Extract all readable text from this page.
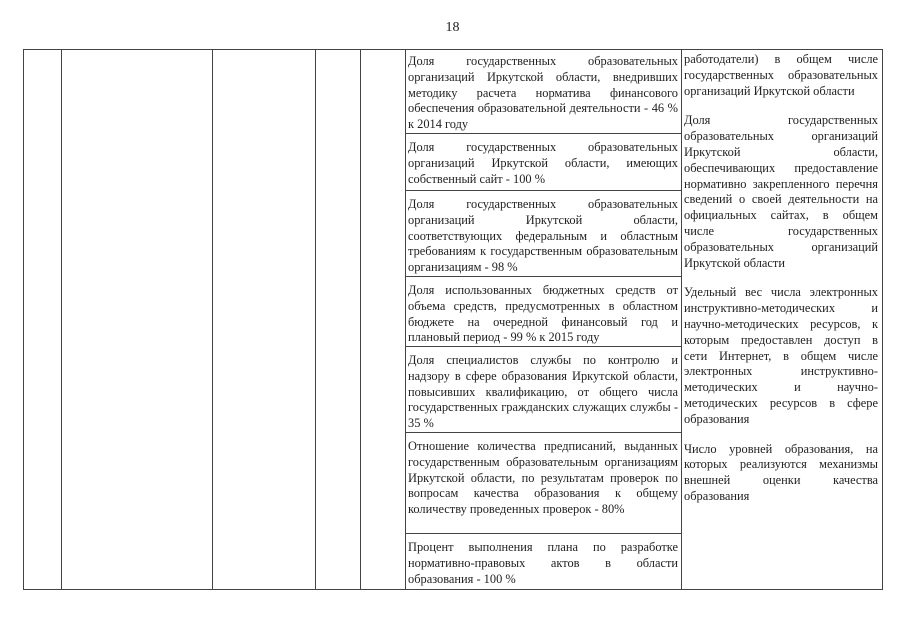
18
Доля государственных образовательных организаций Иркутской области, внедривших методику расчета норматива финансового обеспечения образовательной деятельности - 46 % к 2014 году
Доля государственных образовательных организаций Иркутской области, имеющих собственный сайт - 100 %
Доля государственных образовательных организаций Иркутской области, соответствующих федеральным и областным требованиям к государственным образовательным организациям - 98 %
Доля использованных бюджетных средств от объема средств, предусмотренных в областном бюджете на очередной финансовый год и плановый период - 99 % к 2015 году
Доля специалистов службы по контролю и надзору в сфере образования Иркутской области, повысивших квалификацию, от общего числа государственных гражданских служащих службы - 35 %
Отношение количества предписаний, выданных государственным образовательным организациям Иркутской области, по результатам проверок по вопросам качества образования к общему количеству проведенных проверок - 80%
Процент выполнения плана по разработке нормативно-правовых актов в области образования - 100 %
работодатели) в общем числе государственных образовательных организаций Иркутской области
Доля государственных образовательных организаций Иркутской области, обеспечивающих предоставление нормативно закрепленного перечня сведений о своей деятельности на официальных сайтах, в общем числе государственных образовательных организаций Иркутской области
Удельный вес числа электронных инструктивно-методических и научно-методических ресурсов, к которым предоставлен доступ в сети Интернет, в общем числе электронных инструктивно-методических и научно-методических ресурсов в сфере образования
Число уровней образования, на которых реализуются механизмы внешней оценки качества образования
